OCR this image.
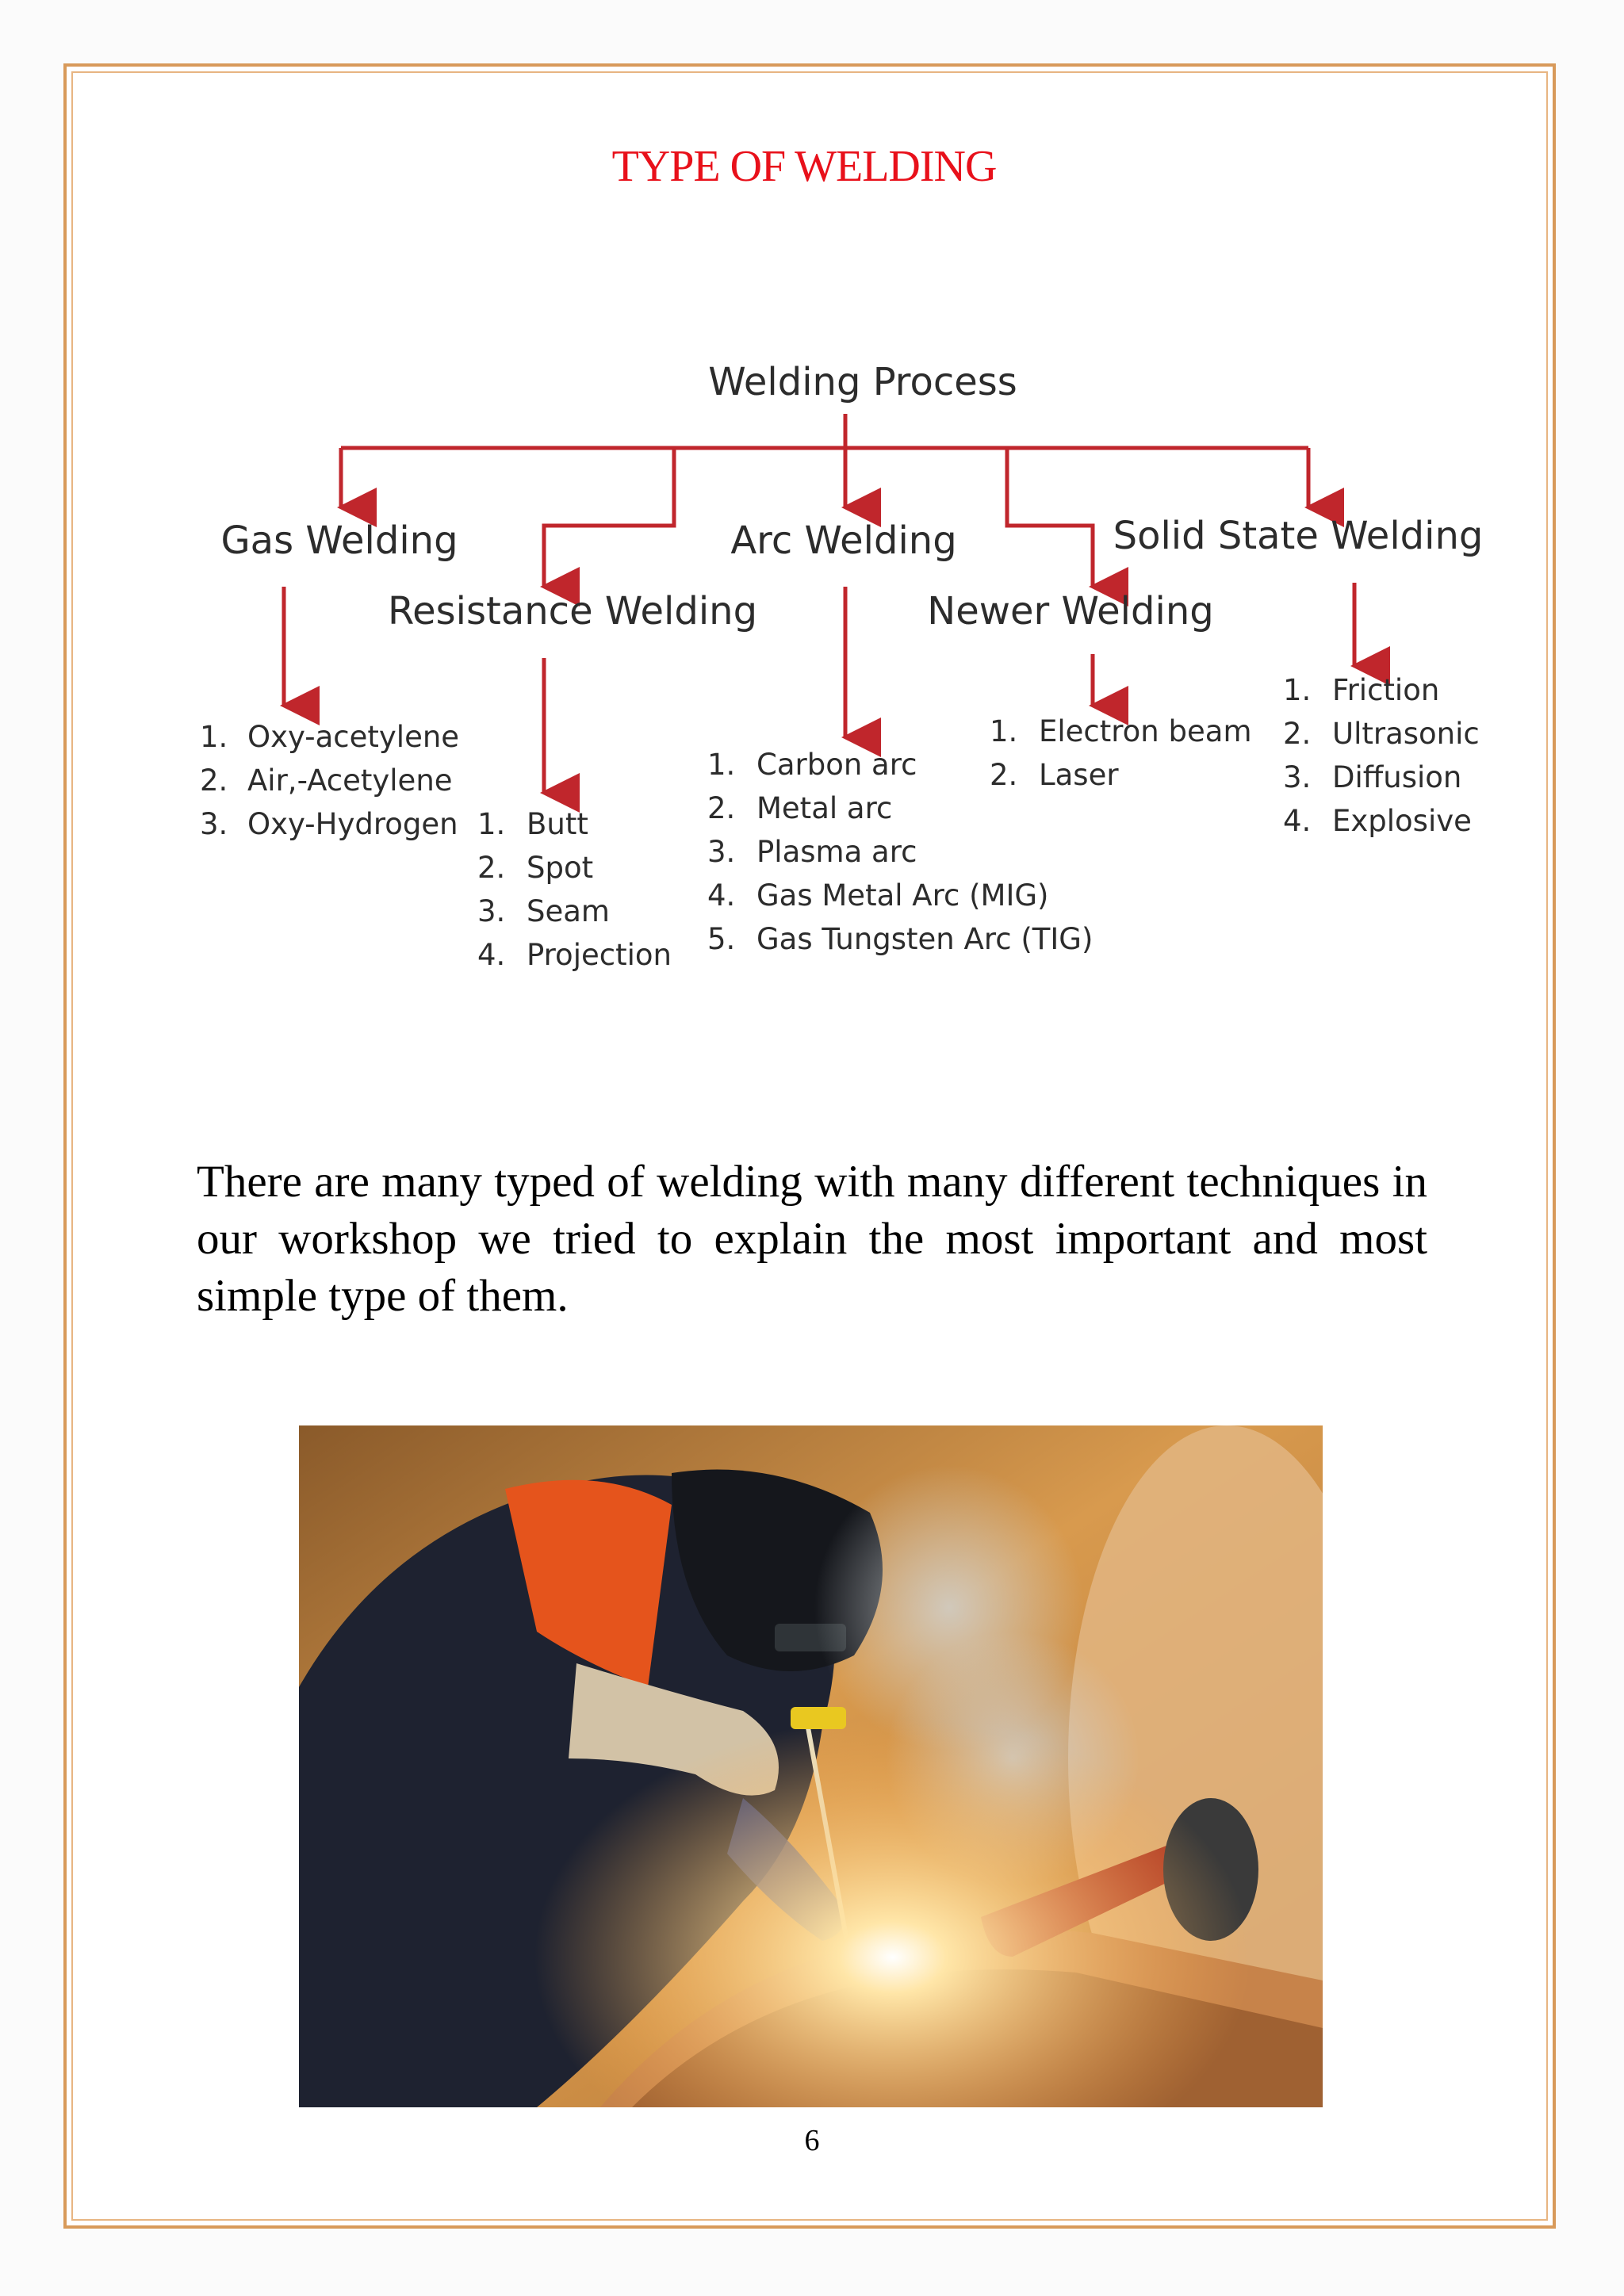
TYPE OF WELDING
Welding Process
Gas Welding
Resistance Welding
Arc Welding
Newer Welding
Solid State Welding
1. Oxy-acetylene
2. Air,-Acetylene
3. Oxy-Hydrogen 1. Butt
2. Spot
3. Seam
4. Projection
1. Carbon arc
2. Metal arc
3. Plasma arc
4. Gas Metal Arc (MIG)
5. Gas Tungsten Arc (TIG)
1. Electron beam
2. Laser
1. Friction
2. Ultrasonic
3. Diffusion
4. Explosive

There are many typed of welding with many different techniques in our workshop we tried to explain the most important and most simple type of them.

6
